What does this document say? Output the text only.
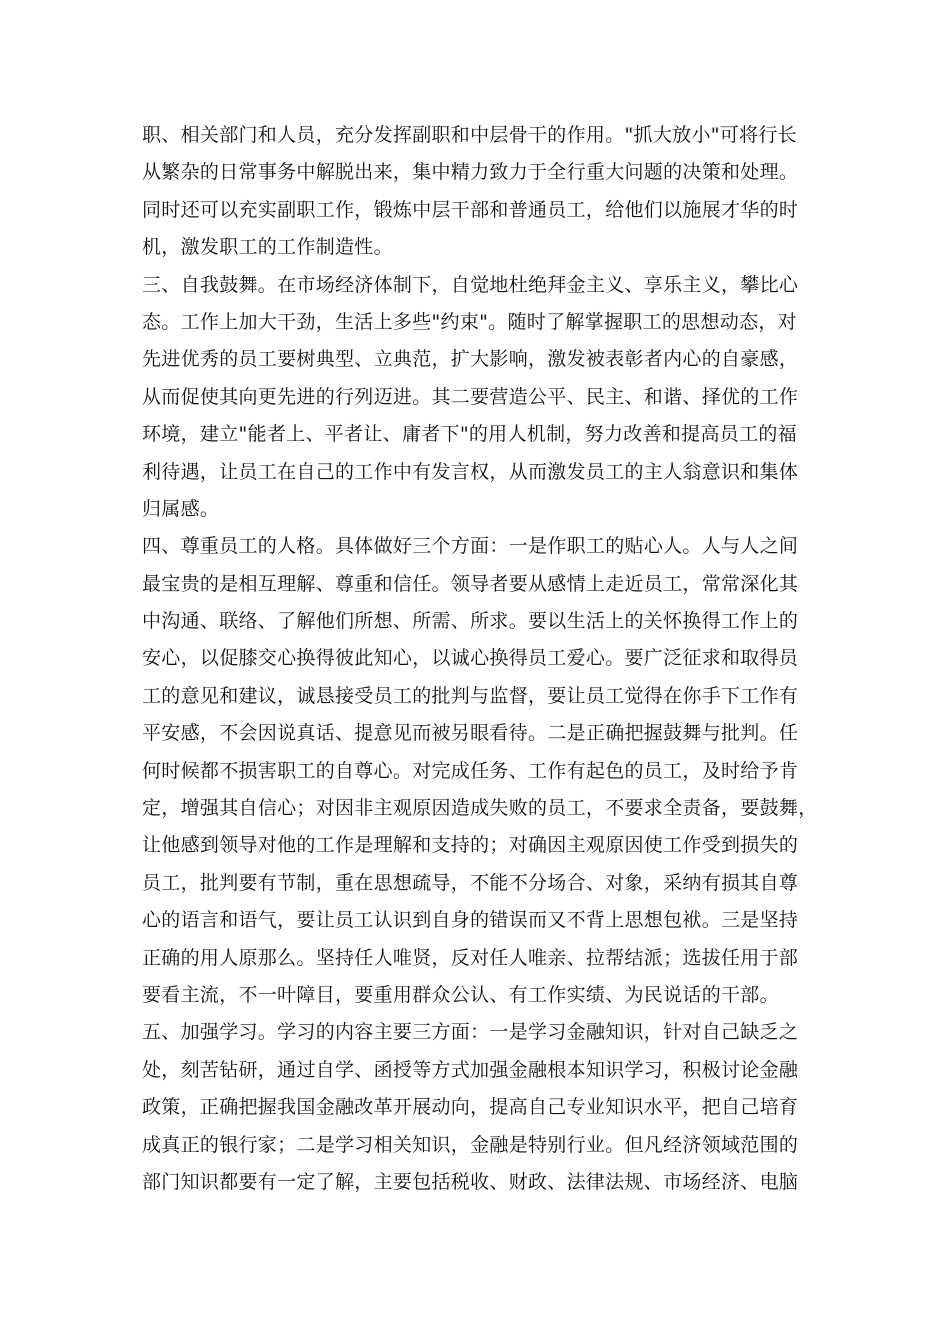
职、相关部门和人员，充分发挥副职和中层骨干的作用。"抓大放小"可将行长
从繁杂的日常事务中解脱出来，集中精力致力于全行重大问题的决策和处理。
同时还可以充实副职工作，锻炼中层干部和普通员工，给他们以施展才华的时
机，激发职工的工作制造性。
三、自我鼓舞。在市场经济体制下，自觉地杜绝拜金主义、享乐主义，攀比心
态。工作上加大干劲，生活上多些"约束"。随时了解掌握职工的思想动态，对
先进优秀的员工要树典型、立典范，扩大影响，激发被表彰者内心的自豪感，
从而促使其向更先进的行列迈进。其二要营造公平、民主、和谐、择优的工作
环境，建立"能者上、平者让、庸者下"的用人机制，努力改善和提高员工的福
利待遇，让员工在自己的工作中有发言权，从而激发员工的主人翁意识和集体
归属感。
四、尊重员工的人格。具体做好三个方面：一是作职工的贴心人。人与人之间
最宝贵的是相互理解、尊重和信任。领导者要从感情上走近员工，常常深化其
中沟通、联络、了解他们所想、所需、所求。要以生活上的关怀换得工作上的
安心，以促膝交心换得彼此知心，以诚心换得员工爱心。要广泛征求和取得员
工的意见和建议，诚恳接受员工的批判与监督，要让员工觉得在你手下工作有
平安感，不会因说真话、提意见而被另眼看待。二是正确把握鼓舞与批判。任
何时候都不损害职工的自尊心。对完成任务、工作有起色的员工，及时给予肯
定，增强其自信心；对因非主观原因造成失败的员工，不要求全责备，要鼓舞，
让他感到领导对他的工作是理解和支持的；对确因主观原因使工作受到损失的
员工，批判要有节制，重在思想疏导，不能不分场合、对象，采纳有损其自尊
心的语言和语气，要让员工认识到自身的错误而又不背上思想包袱。三是坚持
正确的用人原那么。坚持任人唯贤，反对任人唯亲、拉帮结派；选拔任用于部
要看主流，不一叶障目，要重用群众公认、有工作实绩、为民说话的干部。
五、加强学习。学习的内容主要三方面：一是学习金融知识，针对自己缺乏之
处，刻苦钻研，通过自学、函授等方式加强金融根本知识学习，积极讨论金融
政策，正确把握我国金融改革开展动向，提高自己专业知识水平，把自己培育
成真正的银行家；二是学习相关知识，金融是特别行业。但凡经济领域范围的
部门知识都要有一定了解，主要包括税收、财政、法律法规、市场经济、电脑
